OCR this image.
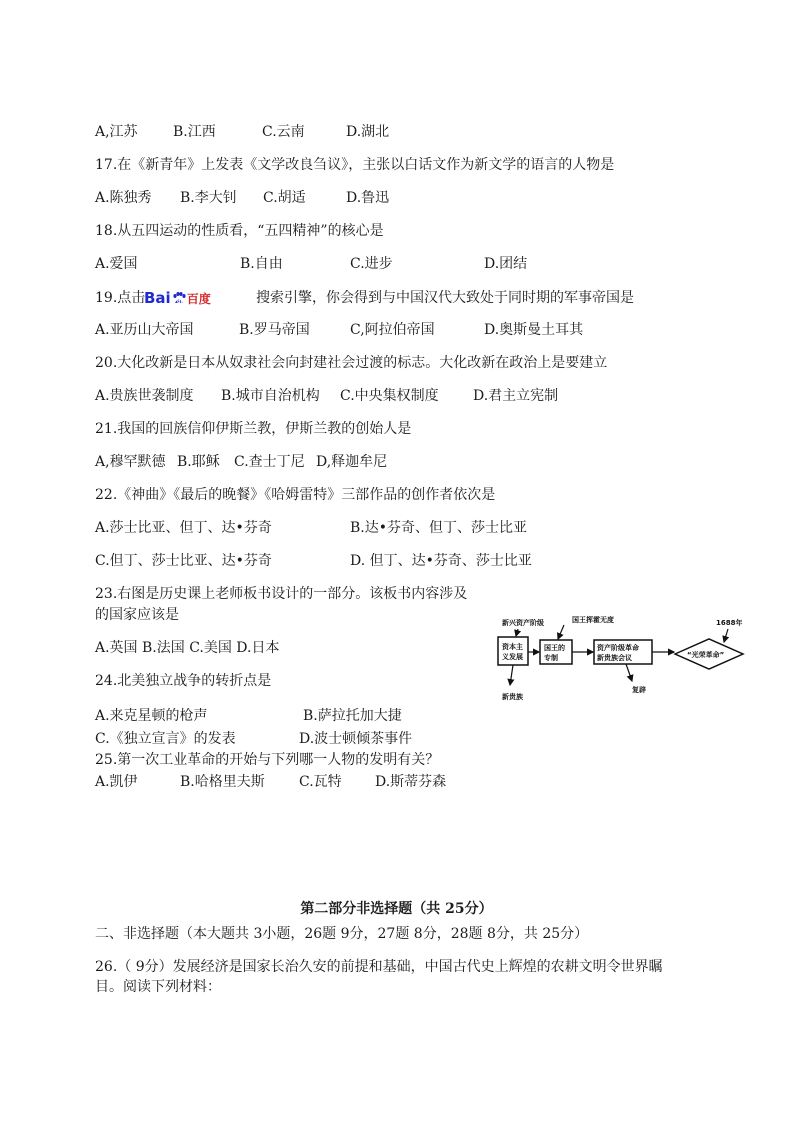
A,江苏	B.江西	C.云南	D.湖北
17.在《新青年》上发表《文学改良刍议》，主张以白话文作为新文学的语言的人物是
A.陈独秀 B.李大钊 C.胡适	D.鲁迅
18.从五四运动的性质看，“五四精神”的核心是
A.爱国	B.自由	C.进步	D.团结
19.点击
Bai du 百度	搜索引擎，你会得到与中国汉代大致处于同时期的军事帝国是
A.亚历山大帝国	B.罗马帝国	C,阿拉伯帝国	D.奥斯曼土耳其
20.大化改新是日本从奴隶社会向封建社会过渡的标志。大化改新在政治上是要建立
A.贵族世袭制度 B.城市自治机构 C.中央集权制度 D.君主立宪制
21.我国的回族信仰伊斯兰教，伊斯兰教的创始人是
A,穆罕默德 B.耶稣 C.查士丁尼 D,释迦牟尼
22.《神曲》《最后的晚餐》《哈姆雷特》三部作品的创作者依次是
A.莎士比亚、但丁、达•芬奇	B.达•芬奇、但丁、莎士比亚
C.但丁、莎士比亚、达•芬奇	D. 但丁、达•芬奇、莎士比亚
23.右图是历史课上老师板书设计的一部分。该板书内容涉及
的国家应该是
A.英国 B.法国 C.美国 D.日本
新兴资产阶级	国王挥霍无度	1688年
资本主
义发展
国王的
专制
资产阶级革命
新贵族会议	“光荣革命”
新贵族
复辟
24.北美独立战争的转折点是
A.来克星顿的枪声	B.萨拉托加大捷
C.《独立宣言》的发表	D.波士顿倾茶事件
25.第一次工业革命的开始与下列哪一人物的发明有关？
A.凯伊	B.哈格里夫斯 C.瓦特 D.斯蒂芬森
第二部分非选择题（共 25分）
二、非选择题（本大题共 3小题，26题 9分，27题 8分，28题 8分，共 25分）
26.（ 9分）发展经济是国家长治久安的前提和基础，中国古代史上辉煌的农耕文明令世界瞩
目。阅读下列材料：
